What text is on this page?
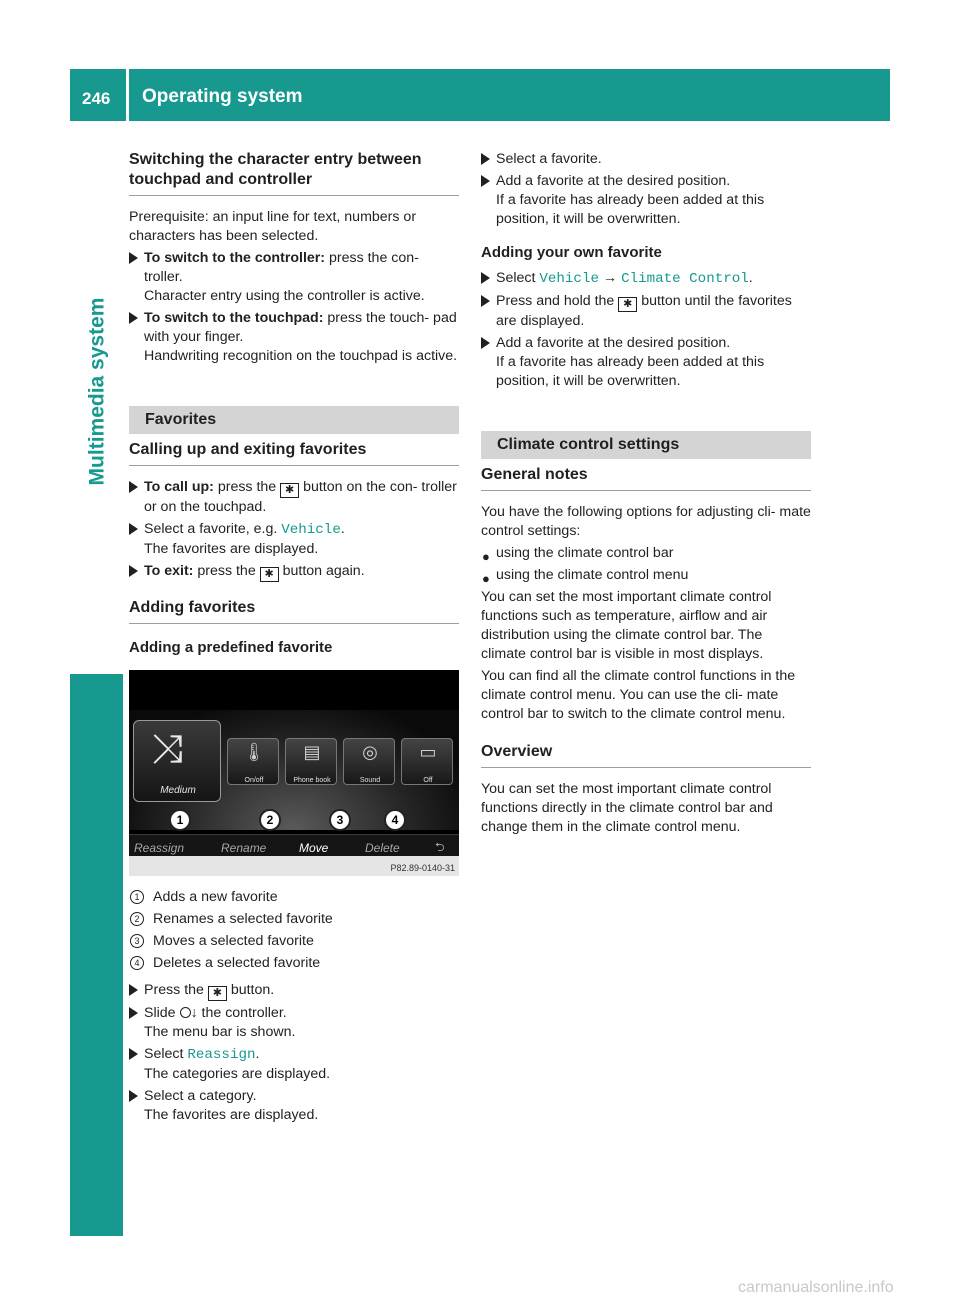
246 Operating system
Multimedia system
Switching the character entry between touchpad and controller

Prerequisite: an input line for text, numbers or characters has been selected.

To switch to the controller: press the con- troller.
Character entry using the controller is active.
To switch to the touchpad: press the touch- pad with your finger.
Handwriting recognition on the touchpad is active.
Favorites
Calling up and exiting favorites
To call up: press the ✱ button on the con- troller or on the touchpad.
Select a favorite, e.g. Vehicle.
The favorites are displayed.
To exit: press the ✱ button again.
Adding favorites
Adding a predefined favorite
⤨
Medium
🌡
On/off
▤
Phone book
◎
Sound
▭
Off
1	2	3	4
Reassign	Rename	Move	Delete	⮌
P82.89-0140-31
1 Adds a new favorite
2 Renames a selected favorite
3 Moves a selected favorite
4 Deletes a selected favorite
Press the ✱ button.
Slide ↓ the controller.
The menu bar is shown.
Select Reassign.
The categories are displayed.
Select a category.
The favorites are displayed.
Select a favorite.
Add a favorite at the desired position.
If a favorite has already been added at this position, it will be overwritten.
Adding your own favorite
Select Vehicle → Climate Control.
Press and hold the ✱ button until the favorites are displayed.
Add a favorite at the desired position.
If a favorite has already been added at this position, it will be overwritten.
Climate control settings
General notes

You have the following options for adjusting cli- mate control settings:

● using the climate control bar
● using the climate control menu

You can set the most important climate control functions such as temperature, airflow and air distribution using the climate control bar. The climate control bar is visible in most displays.

You can find all the climate control functions in the climate control menu. You can use the cli- mate control bar to switch to the climate control menu.

Overview

You can set the most important climate control functions directly in the climate control bar and change them in the climate control menu.

carmanualsonline.info
